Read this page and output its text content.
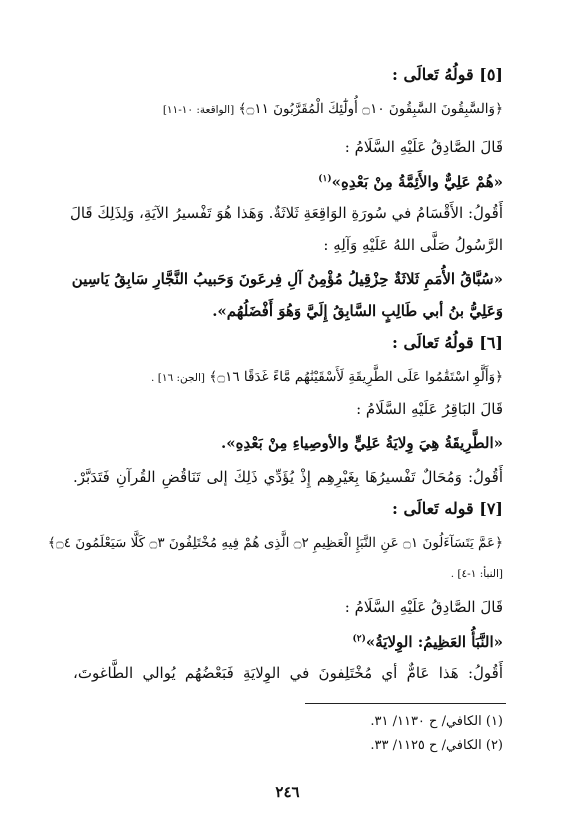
[٥] قولُهُ تَعالَى :
﴿وَالسَّٰبِقُونَ السَّٰبِقُونَ ۝١٠ أُولَٰٓئِكَ الْمُقَرَّبُونَ ۝١١﴾ [الواقعة: ١٠-١١]
قَالَ الصَّادِقُ عَلَيْهِ السَّلَامُ :
«هُمْ عَلِيٌّ والأَئِمَّةُ مِنْ بَعْدِهِ»$^{(١)}$
أَقُولُ: الأَقْسَامُ في سُورَةِ الوَاقِعَةِ ثَلاثَةٌ. وَهَذا هُوَ تَفْسيرُ الآيَةِ، وَلِذَلِكَ قَالَ
الرَّسُولُ صَلَّى اللهُ عَلَيْهِ وَآلِهِ :
«سُبَّاقُ الأُمَمِ ثَلاثَةٌ حِزْقِيلُ مُؤْمِنُ آلِ فِرعَونَ وَحَبيبُ النَّجَّارِ سَابِقُ يَاسِين
وَعَلِيُّ بنُ أبي طَالِبٍ السَّابِقُ إِلَيَّ وَهُوَ أَفْضَلُهُم».
[٦] قولُهُ تَعالَى :
﴿وَأَلَّوِ اسْتَقَٰمُوا عَلَى الطَّرِيقَةِ لَأَسْقَيْنَٰهُم مَّاءً غَدَقًا ۝١٦﴾ [الجن: ١٦] .
قَالَ البَاقِرُ عَلَيْهِ السَّلَامُ :
«الطَّرِيقَةُ هِيَ وِلايَةُ عَلِيٍّ والأوصِياءِ مِنْ بَعْدِهِ».
أَقُولُ: وَمُحَالٌ تَفْسيرُهَا بِغَيْرِهِم إِذْ يُؤَدِّي ذَلِكَ إلى تَنَاقُضِ القُرآنِ فَتَدَبَّرْ.
[٧] قوله تَعالَى :
﴿عَمَّ يَتَسَآءَلُونَ ۝١ عَنِ النَّبَإِ الْعَظِيمِ ۝٢ الَّذِى هُمْ فِيهِ مُخْتَلِفُونَ ۝٣ كَلَّا سَيَعْلَمُونَ ۝٤﴾
[النبأ: ١-٤] .
قَالَ الصَّادِقُ عَلَيْهِ السَّلَامُ :
«النَّبَأُ العَظِيمُ: الوِلايَةُ»$^{(٢)}$
أَقُولُ: هَذا عَامٌّ أي مُخْتَلِفونَ في الوِلايَةِ فَبَعْضُهُم يُوالي الطَّاغوتَ،
(١) الكافي/ ح ١١٣٠/ ٣١.
(٢) الكافي/ ح ١١٢٥/ ٣٣.
٢٤٦
